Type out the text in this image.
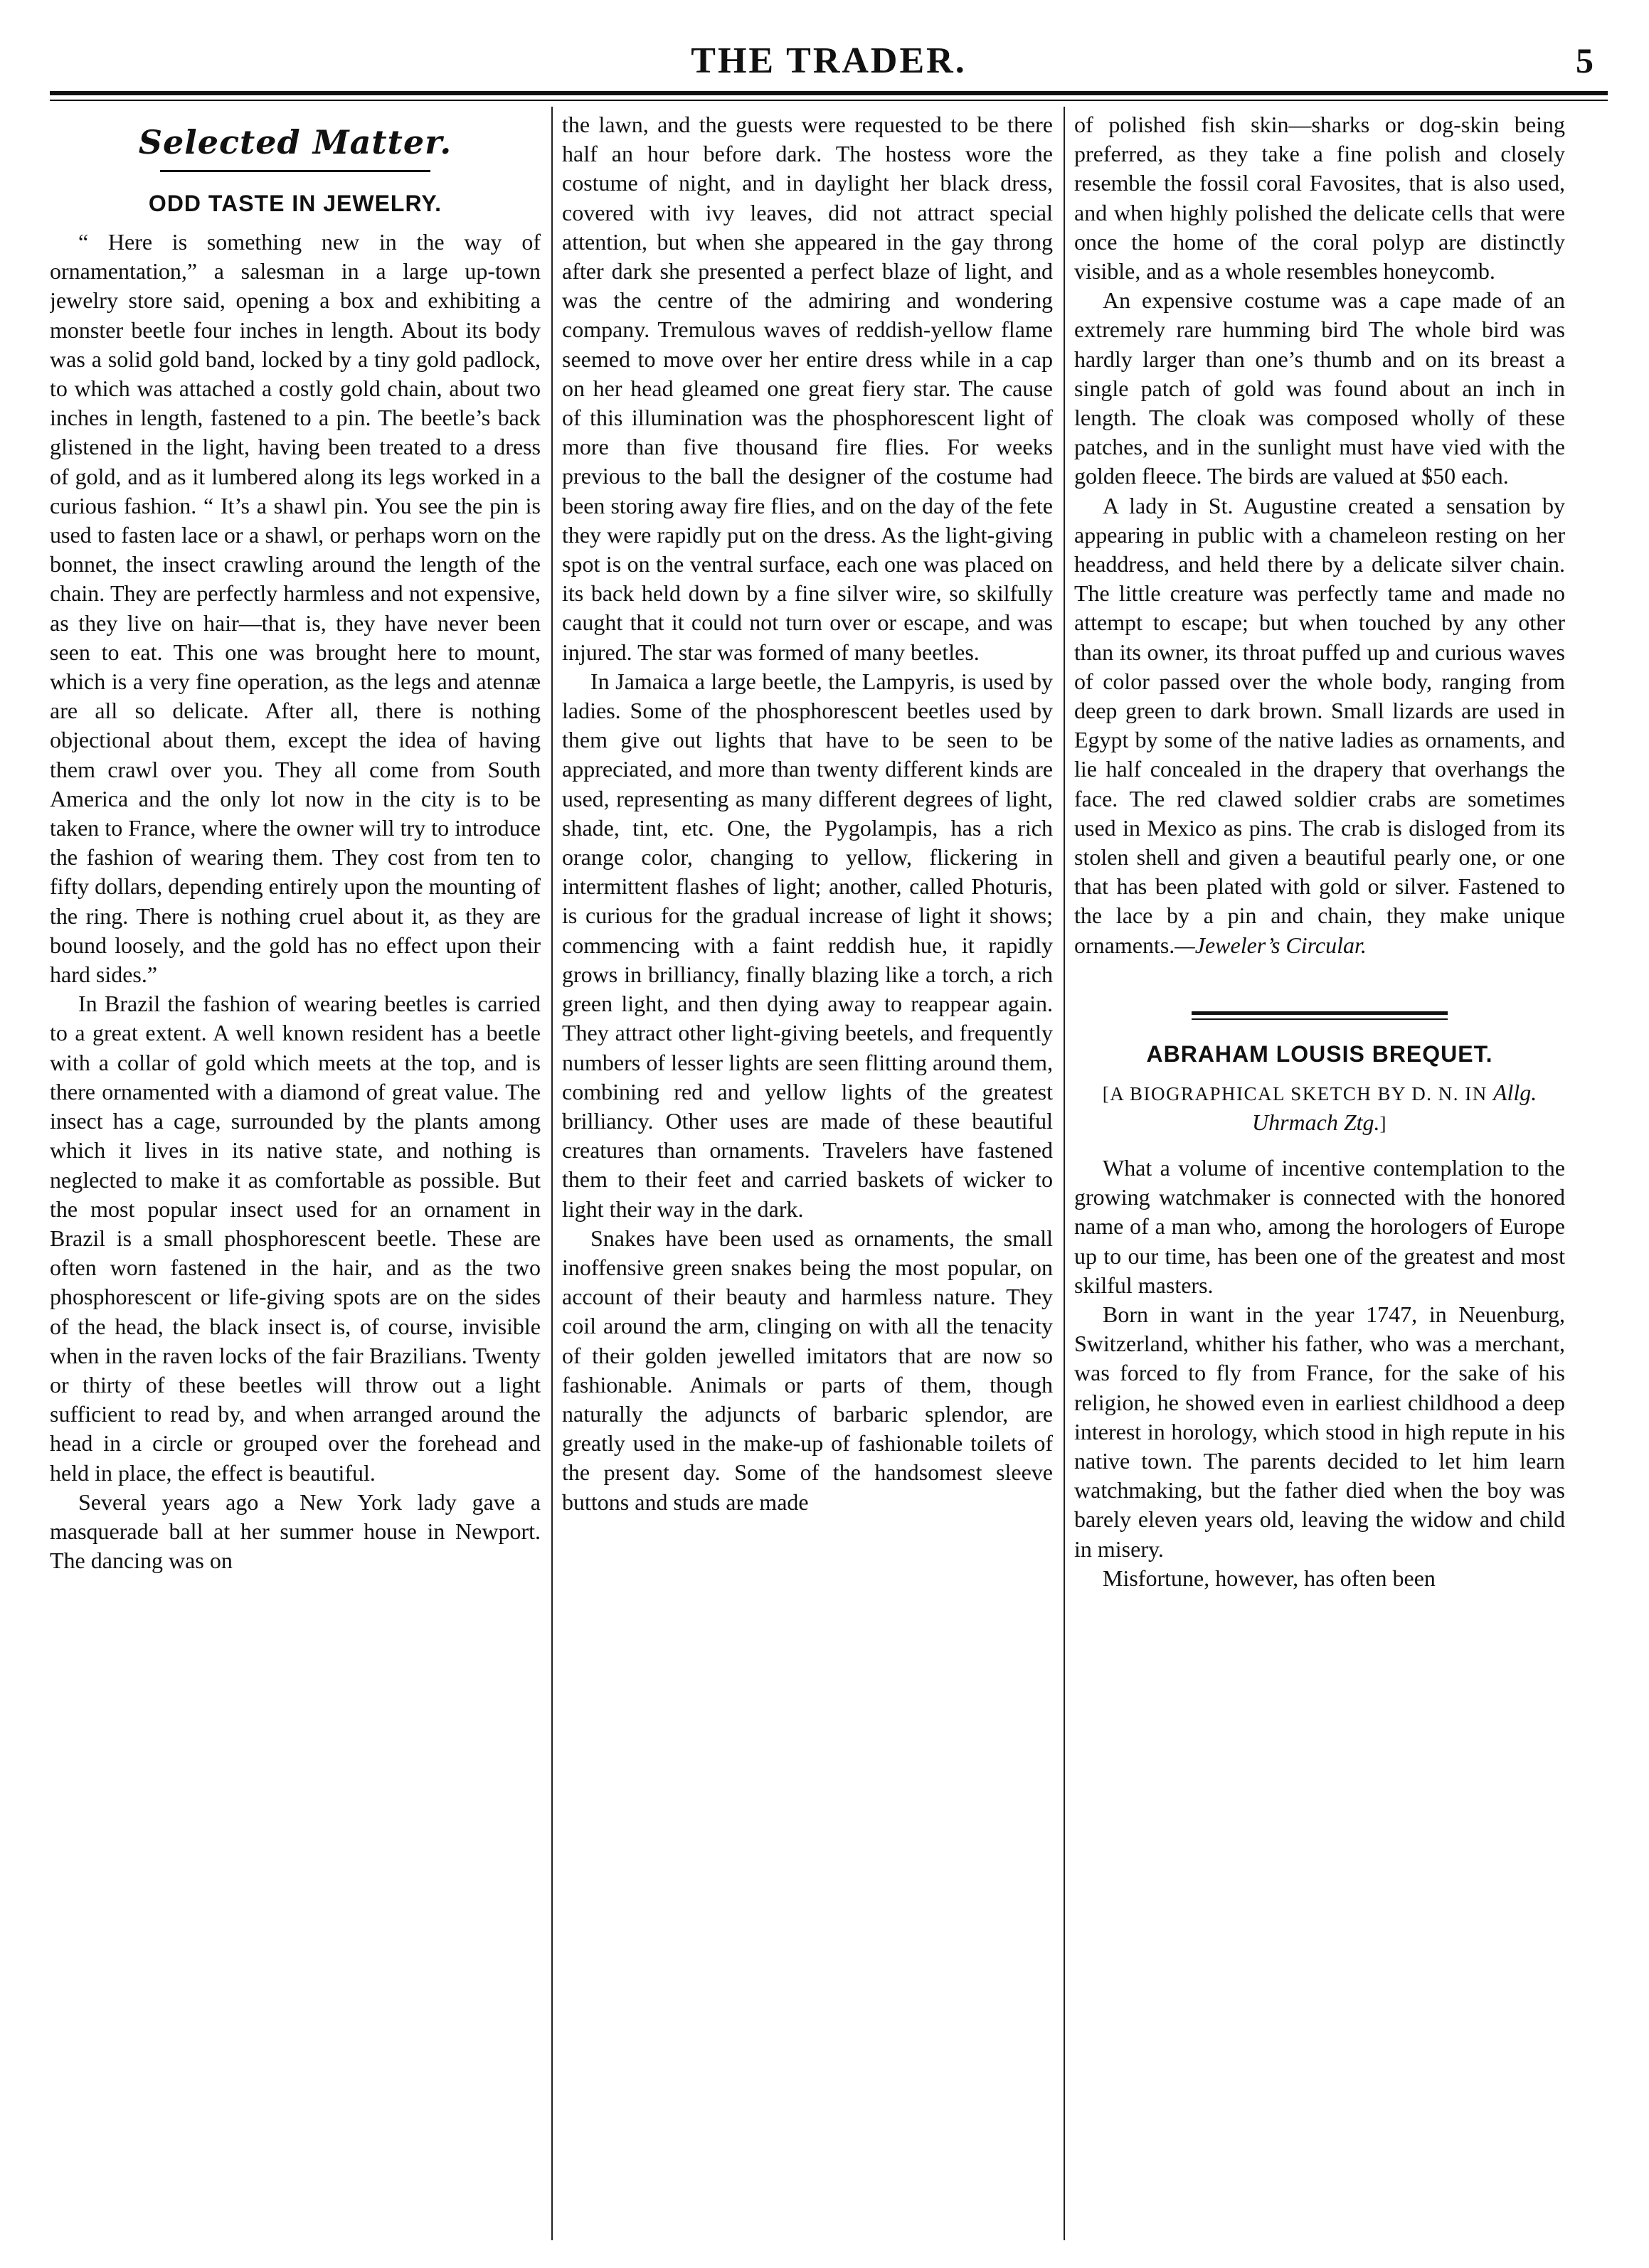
THE TRADER.	5
Selected Matter.
ODD TASTE IN JEWELRY.

“ Here is something new in the way of ornamentation,” a salesman in a large up-town jewelry store said, opening a box and exhibiting a monster beetle four inches in length. About its body was a solid gold band, locked by a tiny gold padlock, to which was attached a costly gold chain, about two inches in length, fastened to a pin. The beetle’s back glistened in the light, having been treated to a dress of gold, and as it lumbered along its legs worked in a curious fashion. “ It’s a shawl pin. You see the pin is used to fasten lace or a shawl, or perhaps worn on the bonnet, the insect crawling around the length of the chain. They are perfectly harmless and not expensive, as they live on hair—that is, they have never been seen to eat. This one was brought here to mount, which is a very fine operation, as the legs and atennæ are all so delicate. After all, there is nothing objectional about them, except the idea of having them crawl over you. They all come from South America and the only lot now in the city is to be taken to France, where the owner will try to introduce the fashion of wearing them. They cost from ten to fifty dollars, depending entirely upon the mounting of the ring. There is nothing cruel about it, as they are bound loosely, and the gold has no effect upon their hard sides.”

In Brazil the fashion of wearing beetles is carried to a great extent. A well known resident has a beetle with a collar of gold which meets at the top, and is there ornamented with a diamond of great value. The insect has a cage, surrounded by the plants among which it lives in its native state, and nothing is neglected to make it as comfortable as possible. But the most popular insect used for an ornament in Brazil is a small phosphorescent beetle. These are often worn fastened in the hair, and as the two phosphorescent or life-giving spots are on the sides of the head, the black insect is, of course, invisible when in the raven locks of the fair Brazilians. Twenty or thirty of these beetles will throw out a light sufficient to read by, and when arranged around the head in a circle or grouped over the forehead and held in place, the effect is beautiful.

Several years ago a New York lady gave a masquerade ball at her summer house in Newport. The dancing was on

the lawn, and the guests were requested to be there half an hour before dark. The hostess wore the costume of night, and in daylight her black dress, covered with ivy leaves, did not attract special attention, but when she appeared in the gay throng after dark she presented a perfect blaze of light, and was the centre of the admiring and wondering company. Tremulous waves of reddish-yellow flame seemed to move over her entire dress while in a cap on her head gleamed one great fiery star. The cause of this illumination was the phosphorescent light of more than five thousand fire flies. For weeks previous to the ball the designer of the costume had been storing away fire flies, and on the day of the fete they were rapidly put on the dress. As the light-giving spot is on the ventral surface, each one was placed on its back held down by a fine silver wire, so skilfully caught that it could not turn over or escape, and was injured. The star was formed of many beetles.

In Jamaica a large beetle, the Lampyris, is used by ladies. Some of the phosphorescent beetles used by them give out lights that have to be seen to be appreciated, and more than twenty different kinds are used, representing as many different degrees of light, shade, tint, etc. One, the Pygolampis, has a rich orange color, changing to yellow, flickering in intermittent flashes of light; another, called Photuris, is curious for the gradual increase of light it shows; commencing with a faint reddish hue, it rapidly grows in brilliancy, finally blazing like a torch, a rich green light, and then dying away to reappear again. They attract other light-giving beetels, and frequently numbers of lesser lights are seen flitting around them, combining red and yellow lights of the greatest brilliancy. Other uses are made of these beautiful creatures than ornaments. Travelers have fastened them to their feet and carried baskets of wicker to light their way in the dark.

Snakes have been used as ornaments, the small inoffensive green snakes being the most popular, on account of their beauty and harmless nature. They coil around the arm, clinging on with all the tenacity of their golden jewelled imitators that are now so fashionable. Animals or parts of them, though naturally the adjuncts of barbaric splendor, are greatly used in the make-up of fashionable toilets of the present day. Some of the handsomest sleeve buttons and studs are made

of polished fish skin—sharks or dog-skin being preferred, as they take a fine polish and closely resemble the fossil coral Favosites, that is also used, and when highly polished the delicate cells that were once the home of the coral polyp are distinctly visible, and as a whole resembles honeycomb.

An expensive costume was a cape made of an extremely rare humming bird The whole bird was hardly larger than one’s thumb and on its breast a single patch of gold was found about an inch in length. The cloak was composed wholly of these patches, and in the sunlight must have vied with the golden fleece. The birds are valued at $50 each.

A lady in St. Augustine created a sensation by appearing in public with a chameleon resting on her headdress, and held there by a delicate silver chain. The little creature was perfectly tame and made no attempt to escape; but when touched by any other than its owner, its throat puffed up and curious waves of color passed over the whole body, ranging from deep green to dark brown. Small lizards are used in Egypt by some of the native ladies as ornaments, and lie half concealed in the drapery that overhangs the face. The red clawed soldier crabs are sometimes used in Mexico as pins. The crab is disloged from its stolen shell and given a beautiful pearly one, or one that has been plated with gold or silver. Fastened to the lace by a pin and chain, they make unique ornaments.—Jeweler’s Circular.

ABRAHAM LOUSIS BREQUET.
[A BIOGRAPHICAL SKETCH BY D. N. IN Allg. Uhrmach Ztg.]

What a volume of incentive contemplation to the growing watchmaker is connected with the honored name of a man who, among the horologers of Europe up to our time, has been one of the greatest and most skilful masters.

Born in want in the year 1747, in Neuenburg, Switzerland, whither his father, who was a merchant, was forced to fly from France, for the sake of his religion, he showed even in earliest childhood a deep interest in horology, which stood in high repute in his native town. The parents decided to let him learn watchmaking, but the father died when the boy was barely eleven years old, leaving the widow and child in misery.

Misfortune, however, has often been
